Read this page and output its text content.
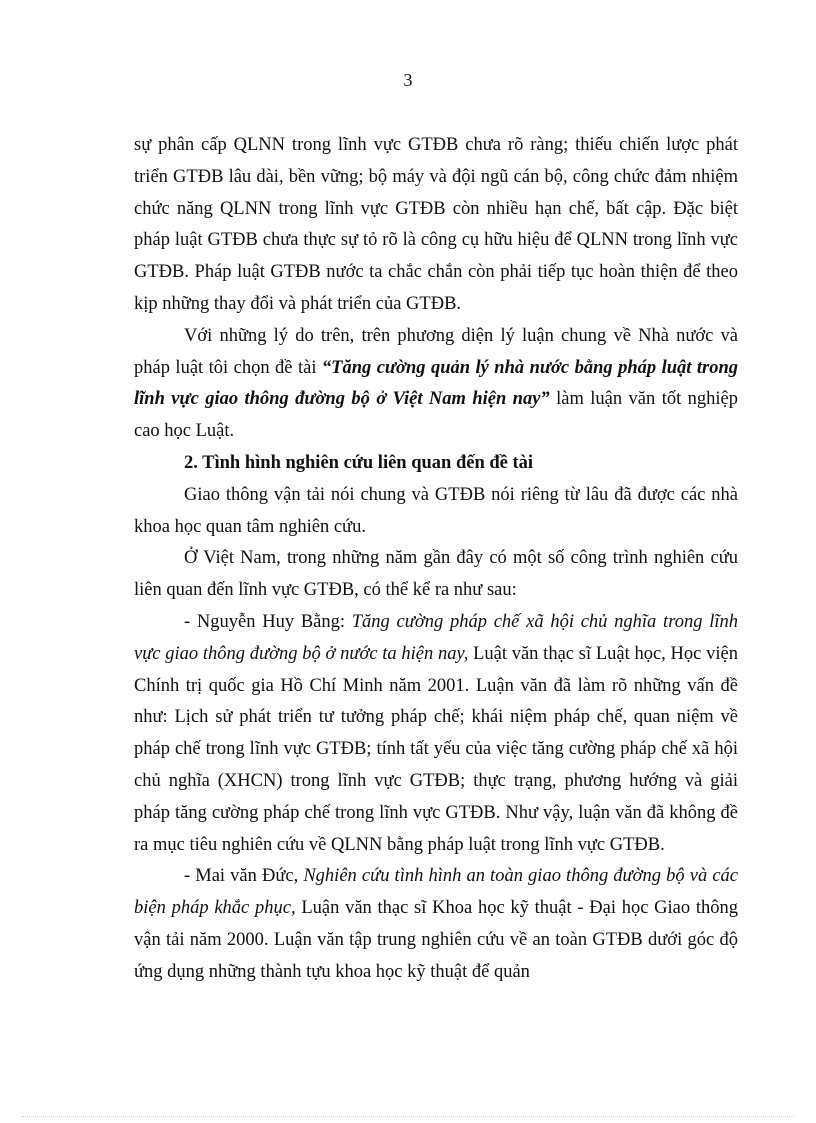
3

sự phân cấp QLNN trong lĩnh vực GTĐB chưa rõ ràng; thiếu chiến lược phát triển GTĐB lâu dài, bền vững; bộ máy và đội ngũ cán bộ, công chức đảm nhiệm chức năng QLNN trong lĩnh vực GTĐB còn nhiều hạn chế, bất cập. Đặc biệt pháp luật GTĐB chưa thực sự tỏ rõ là công cụ hữu hiệu để QLNN trong lĩnh vực GTĐB. Pháp luật GTĐB nước ta chắc chắn còn phải tiếp tục hoàn thiện để theo kịp những thay đổi và phát triển của GTĐB.

Với những lý do trên, trên phương diện lý luận chung về Nhà nước và pháp luật tôi chọn đề tài “Tăng cường quản lý nhà nước bằng pháp luật trong lĩnh vực giao thông đường bộ ở Việt Nam hiện nay” làm luận văn tốt nghiệp cao học Luật.

2. Tình hình nghiên cứu liên quan đến đề tài

Giao thông vận tải nói chung và GTĐB nói riêng từ lâu đã được các nhà khoa học quan tâm nghiên cứu.

Ở Việt Nam, trong những năm gần đây có một số công trình nghiên cứu liên quan đến lĩnh vực GTĐB, có thể kể ra như sau:

- Nguyễn Huy Bằng: Tăng cường pháp chế xã hội chủ nghĩa trong lĩnh vực giao thông đường bộ ở nước ta hiện nay, Luật văn thạc sĩ Luật học, Học viện Chính trị quốc gia Hồ Chí Minh năm 2001. Luận văn đã làm rõ những vấn đề như: Lịch sử phát triển tư tưởng pháp chế; khái niệm pháp chế, quan niệm về pháp chế trong lĩnh vực GTĐB; tính tất yếu của việc tăng cường pháp chế xã hội chủ nghĩa (XHCN) trong lĩnh vực GTĐB; thực trạng, phương hướng và giải pháp tăng cường pháp chế trong lĩnh vực GTĐB. Như vậy, luận văn đã không đề ra mục tiêu nghiên cứu về QLNN bằng pháp luật trong lĩnh vực GTĐB.

- Mai văn Đức, Nghiên cứu tình hình an toàn giao thông đường bộ và các biện pháp khắc phục, Luận văn thạc sĩ Khoa học kỹ thuật - Đại học Giao thông vận tải năm 2000. Luận văn tập trung nghiên cứu về an toàn GTĐB dưới góc độ ứng dụng những thành tựu khoa học kỹ thuật để quản
